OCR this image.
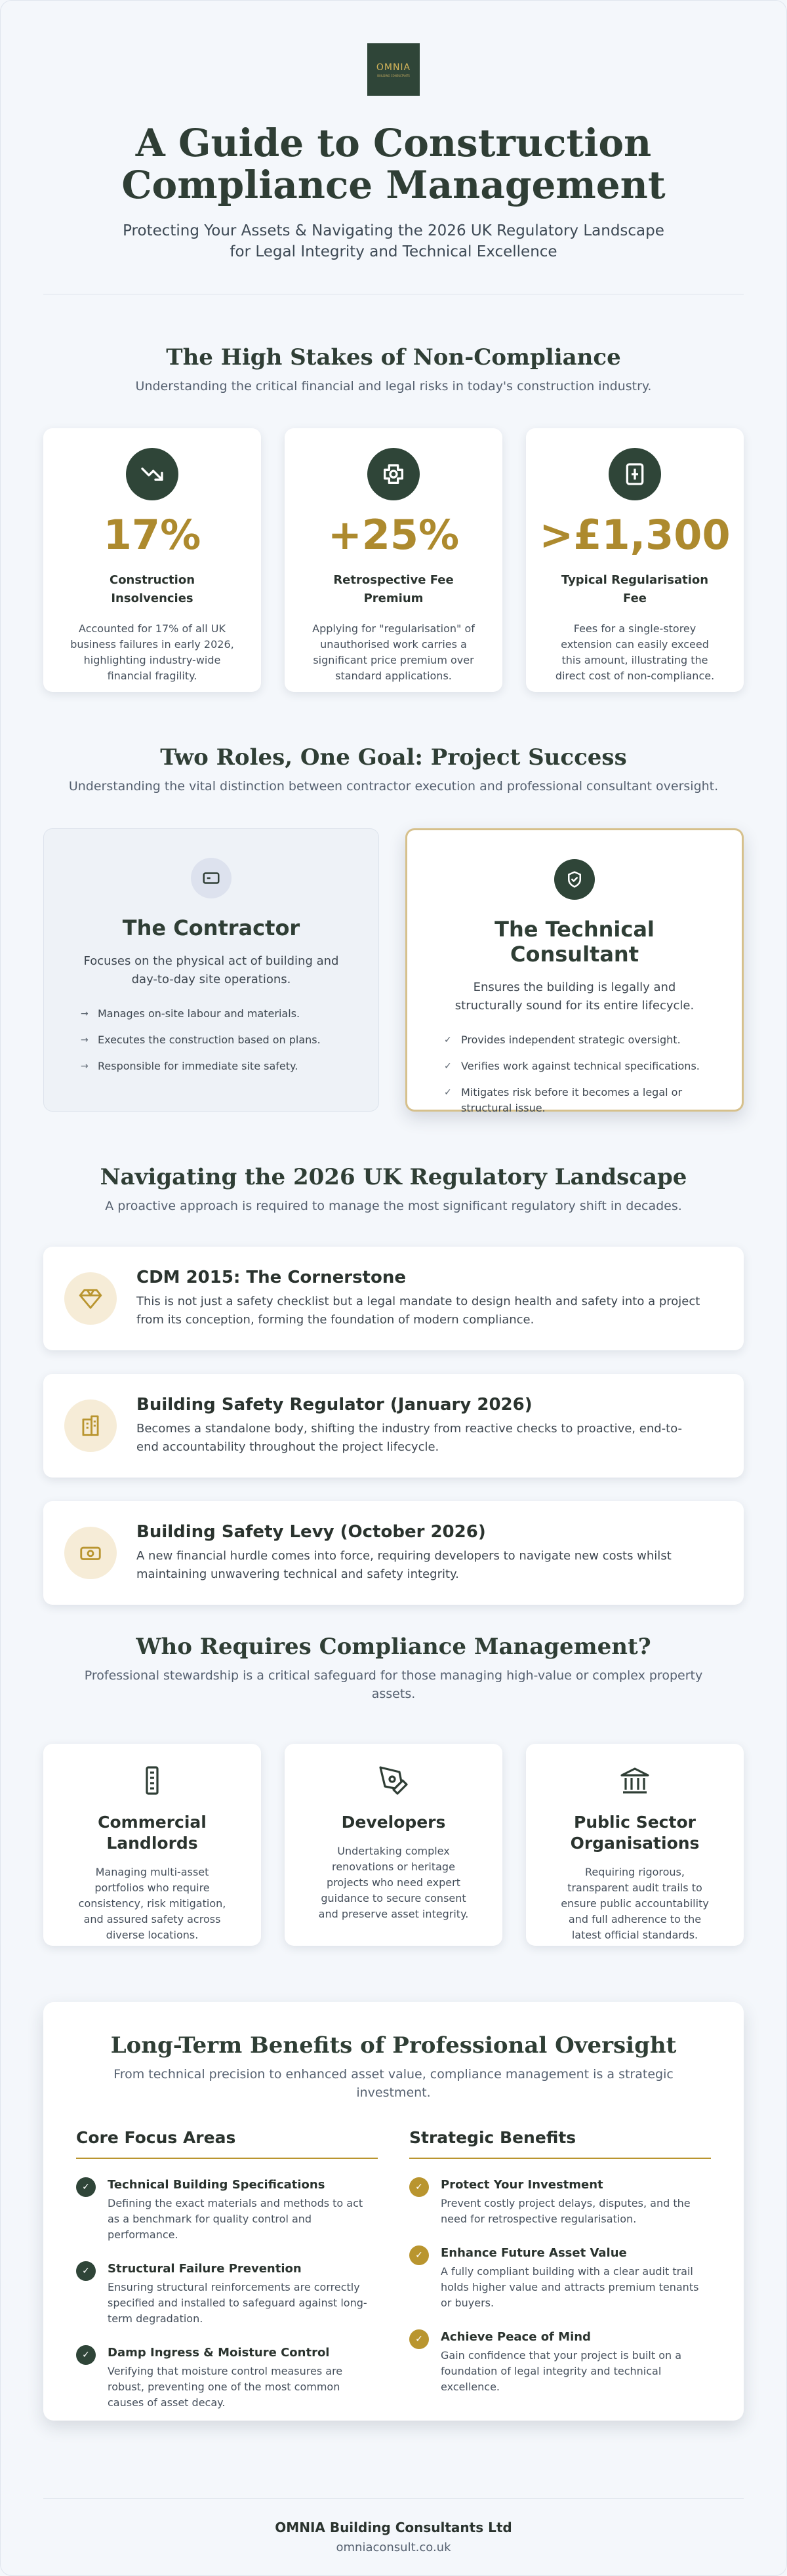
OMNIA
BUILDING CONSULTANTS
A Guide to Construction
Compliance Management

Protecting Your Assets & Navigating the 2026 UK Regulatory Landscape
for Legal Integrity and Technical Excellence

The High Stakes of Non-Compliance

Understanding the critical financial and legal risks in today's construction industry.

17%
Construction Insolvencies
Accounted for 17% of all UK business failures in early 2026, highlighting industry-wide financial fragility.
+25%
Retrospective Fee Premium
Applying for "regularisation" of unauthorised work carries a significant price premium over standard applications.
>£1,300
Typical Regularisation Fee
Fees for a single-storey extension can easily exceed this amount, illustrating the direct cost of non-compliance.
Two Roles, One Goal: Project Success

Understanding the vital distinction between contractor execution and professional consultant oversight.

The Contractor

Focuses on the physical act of building and day-to-day site operations.

→ Manages on-site labour and materials.
→ Executes the construction based on plans.
→ Responsible for immediate site safety.
The Technical Consultant

Ensures the building is legally and structurally sound for its entire lifecycle.

✓ Provides independent strategic oversight.
✓ Verifies work against technical specifications.
✓ Mitigates risk before it becomes a legal or structural issue.
Navigating the 2026 UK Regulatory Landscape

A proactive approach is required to manage the most significant regulatory shift in decades.

CDM 2015: The Cornerstone

This is not just a safety checklist but a legal mandate to design health and safety into a project from its conception, forming the foundation of modern compliance.

Building Safety Regulator (January 2026)

Becomes a standalone body, shifting the industry from reactive checks to proactive, end-to-end accountability throughout the project lifecycle.

Building Safety Levy (October 2026)

A new financial hurdle comes into force, requiring developers to navigate new costs whilst maintaining unwavering technical and safety integrity.

Who Requires Compliance Management?

Professional stewardship is a critical safeguard for those managing high-value or complex property
assets.

Commercial Landlords

Managing multi-asset portfolios who require consistency, risk mitigation, and assured safety across diverse locations.

Developers

Undertaking complex renovations or heritage projects who need expert guidance to secure consent and preserve asset integrity.

Public Sector Organisations

Requiring rigorous, transparent audit trails to ensure public accountability and full adherence to the latest official standards.

Long-Term Benefits of Professional Oversight

From technical precision to enhanced asset value, compliance management is a strategic
investment.

Core Focus Areas
✓	Technical Building Specifications

Defining the exact materials and methods to act as a benchmark for quality control and performance.

✓	Structural Failure Prevention

Ensuring structural reinforcements are correctly specified and installed to safeguard against long-term degradation.

✓	Damp Ingress & Moisture Control

Verifying that moisture control measures are robust, preventing one of the most common causes of asset decay.

Strategic Benefits
✓	Protect Your Investment

Prevent costly project delays, disputes, and the need for retrospective regularisation.

✓	Enhance Future Asset Value

A fully compliant building with a clear audit trail holds higher value and attracts premium tenants or buyers.

✓	Achieve Peace of Mind

Gain confidence that your project is built on a foundation of legal integrity and technical excellence.

OMNIA Building Consultants Ltd
omniaconsult.co.uk
